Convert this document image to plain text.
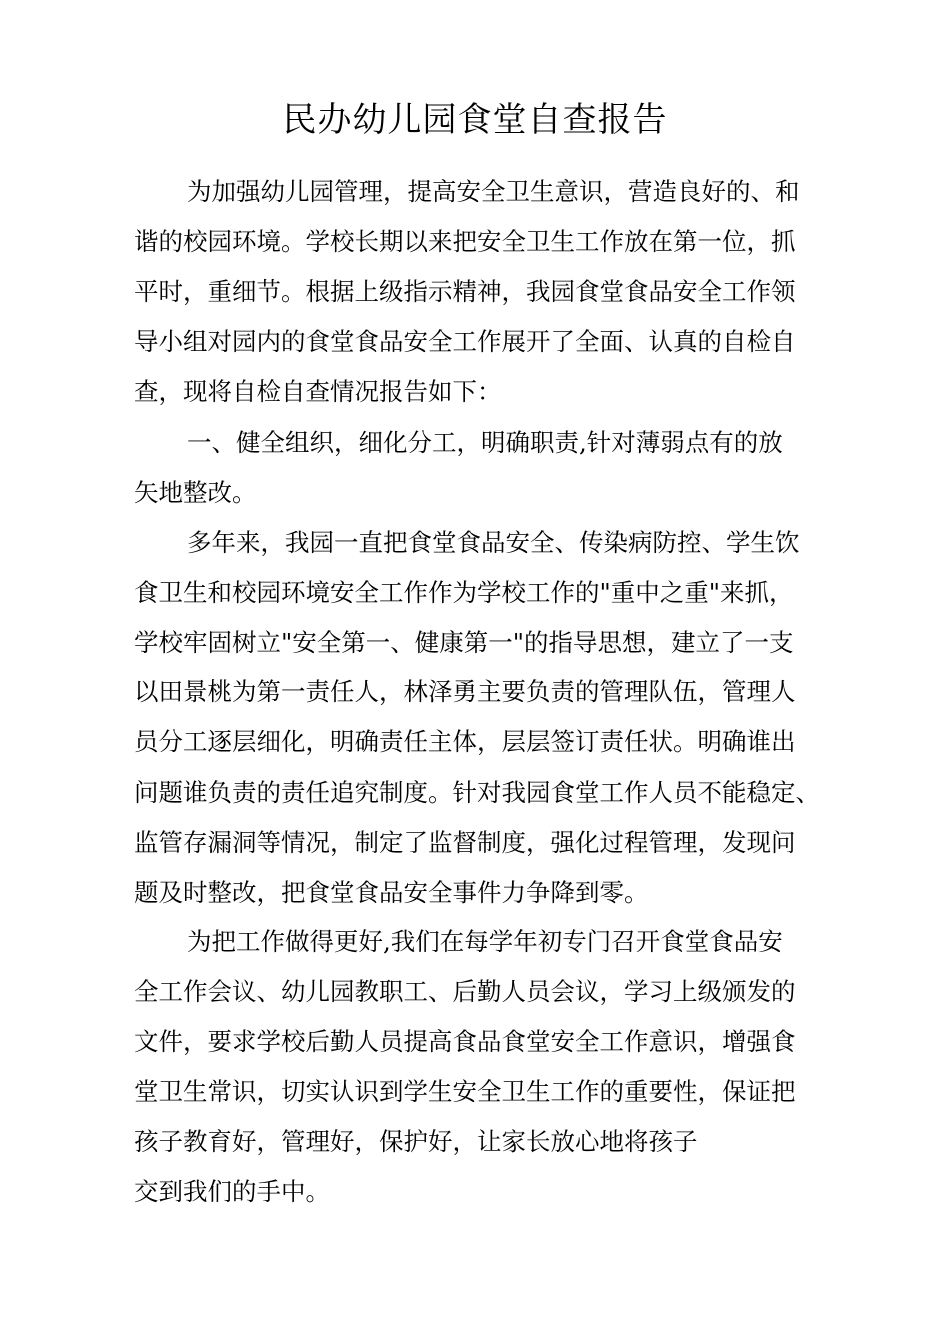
民办幼儿园食堂自查报告
为加强幼儿园管理，提高安全卫生意识，营造良好的、和
谐的校园环境。学校长期以来把安全卫生工作放在第一位，抓
平时，重细节。根据上级指示精神，我园食堂食品安全工作领
导小组对园内的食堂食品安全工作展开了全面、认真的自检自
查，现将自检自查情况报告如下：
一、健全组织，细化分工，明确职责,针对薄弱点有的放
矢地整改。
多年来，我园一直把食堂食品安全、传染病防控、学生饮
食卫生和校园环境安全工作作为学校工作的"重中之重"来抓，
学校牢固树立"安全第一、健康第一"的指导思想，建立了一支
以田景桃为第一责任人，林泽勇主要负责的管理队伍，管理人
员分工逐层细化，明确责任主体，层层签订责任状。明确谁出
问题谁负责的责任追究制度。针对我园食堂工作人员不能稳定、
监管存漏洞等情况，制定了监督制度，强化过程管理，发现问
题及时整改，把食堂食品安全事件力争降到零。
为把工作做得更好,我们在每学年初专门召开食堂食品安
全工作会议、幼儿园教职工、后勤人员会议，学习上级颁发的
文件，要求学校后勤人员提高食品食堂安全工作意识，增强食
堂卫生常识，切实认识到学生安全卫生工作的重要性，保证把
孩子教育好，管理好，保护好，让家长放心地将孩子
交到我们的手中。
